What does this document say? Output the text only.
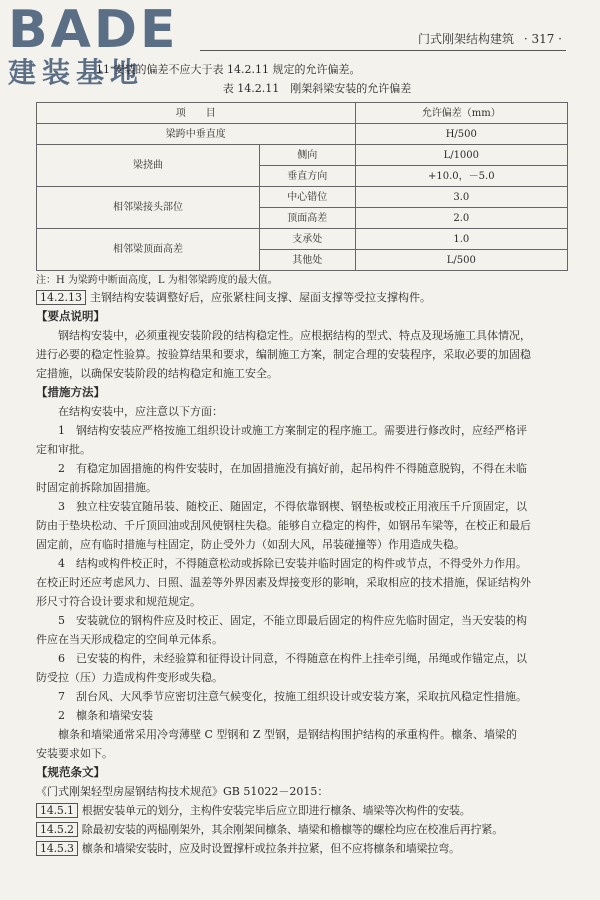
BADE
建装基地
门式刚架结构建筑 · 317 ·
11 安装的偏差不应大于表 14.2.11 规定的允许偏差。
表 14.2.11　刚架斜梁安装的允许偏差
项　　目		允许偏差（mm）
梁跨中垂直度		H/500
梁挠曲	侧向	L/1000
	垂直方向	+10.0，－5.0
相邻梁接头部位	中心错位	3.0
	顶面高差	2.0
相邻梁顶面高差	支承处	1.0
	其他处	L/500
注：H 为梁跨中断面高度，L 为相邻梁跨度的最大值。
14.2.13 主钢结构安装调整好后，应张紧柱间支撑、屋面支撑等受拉支撑构件。
【要点说明】
钢结构安装中，必须重视安装阶段的结构稳定性。应根据结构的型式、特点及现场施工具体情况，
进行必要的稳定性验算。按验算结果和要求，编制施工方案，制定合理的安装程序，采取必要的加固稳
定措施，以确保安装阶段的结构稳定和施工安全。
【措施方法】
在结构安装中，应注意以下方面：
1　钢结构安装应严格按施工组织设计或施工方案制定的程序施工。需要进行修改时，应经严格评
定和审批。
2　有稳定加固措施的构件安装时，在加固措施没有搞好前，起吊构件不得随意脱钩，不得在未临
时固定前拆除加固措施。
3　独立柱安装宜随吊装、随校正、随固定，不得依靠钢楔、钢垫板或校正用液压千斤顶固定，以
防由于垫块松动、千斤顶回油或刮风使钢柱失稳。能够自立稳定的构件，如钢吊车梁等，在校正和最后
固定前，应有临时措施与柱固定，防止受外力（如刮大风，吊装碰撞等）作用造成失稳。
4　结构或构件校正时，不得随意松动或拆除已安装并临时固定的构件或节点，不得受外力作用。
在校正时还应考虑风力、日照、温差等外界因素及焊接变形的影响，采取相应的技术措施，保证结构外
形尺寸符合设计要求和规范规定。
5　安装就位的钢构件应及时校正、固定，不能立即最后固定的构件应先临时固定，当天安装的构
件应在当天形成稳定的空间单元体系。
6　已安装的构件，未经验算和征得设计同意，不得随意在构件上挂牵引绳，吊绳或作锚定点，以
防受拉（压）力造成构件变形或失稳。
7　刮台风、大风季节应密切注意气候变化，按施工组织设计或安装方案，采取抗风稳定性措施。
2　檩条和墙梁安装
檩条和墙梁通常采用冷弯薄壁 C 型钢和 Z 型钢，是钢结构围护结构的承重构件。檩条、墙梁的
安装要求如下。
【规范条文】
《门式刚架轻型房屋钢结构技术规范》GB 51022－2015：
14.5.1 根据安装单元的划分，主构件安装完毕后应立即进行檩条、墙梁等次构件的安装。
14.5.2 除最初安装的两榀刚架外，其余刚架间檩条、墙梁和檐檩等的螺栓均应在校准后再拧紧。
14.5.3 檩条和墙梁安装时，应及时设置撑杆或拉条并拉紧，但不应将檩条和墙梁拉弯。
